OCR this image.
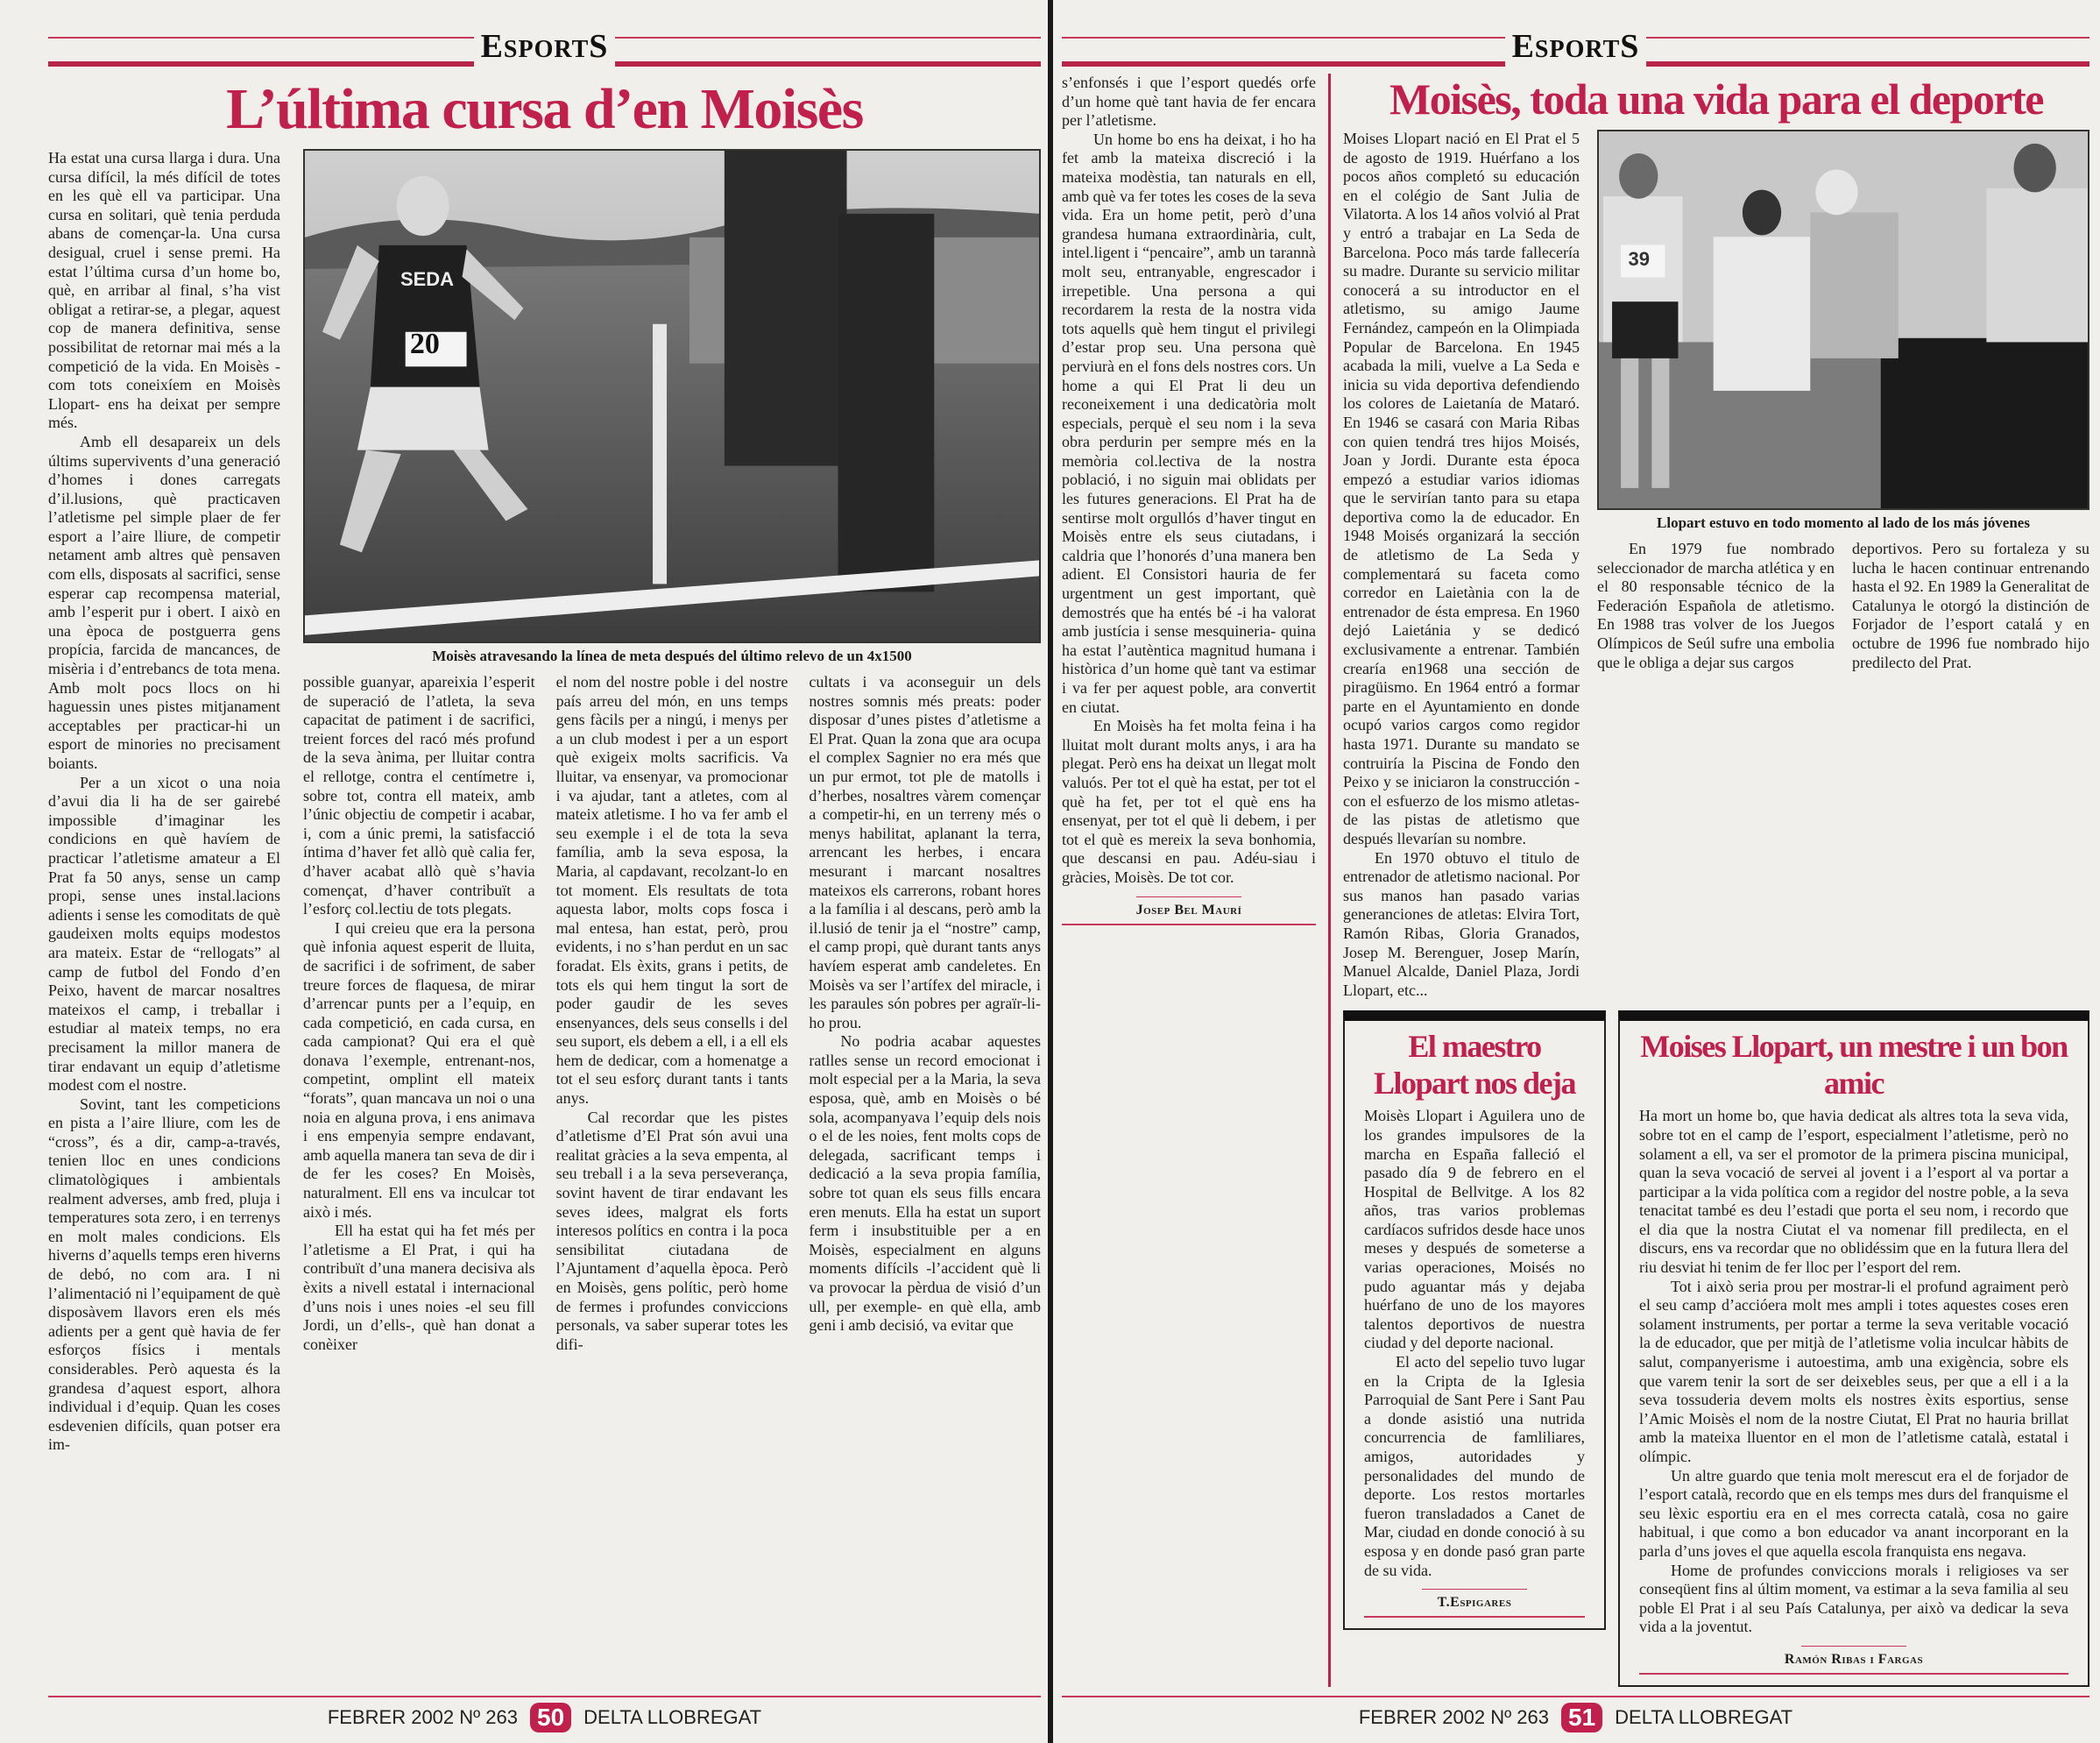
ESPORTS
L’última cursa d’en Moisès

Ha estat una cursa llarga i dura. Una cursa difícil, la més difícil de totes en les què ell va participar. Una cursa en solitari, què tenia perduda abans de començar-la. Una cursa desigual, cruel i sense premi. Ha estat l’última cursa d’un home bo, què, en arribar al final, s’ha vist obligat a retirar-se, a plegar, aquest cop de manera definitiva, sense possibilitat de retornar mai més a la competició de la vida. En Moisès -com tots coneixíem en Moisès Llopart- ens ha deixat per sempre més.

Amb ell desapareix un dels últims supervivents d’una generació d’homes i dones carregats d’il.lusions, què practicaven l’atletisme pel simple plaer de fer esport a l’aire lliure, de competir netament amb altres què pensaven com ells, disposats al sacrifici, sense esperar cap recompensa material, amb l’esperit pur i obert. I això en una època de postguerra gens propícia, farcida de mancances, de misèria i d’entrebancs de tota mena. Amb molt pocs llocs on hi haguessin unes pistes mitjanament acceptables per practicar-hi un esport de minories no precisament boiants.

Per a un xicot o una noia d’avui dia li ha de ser gairebé impossible d’imaginar les condicions en què havíem de practicar l’atletisme amateur a El Prat fa 50 anys, sense un camp propi, sense unes instal.lacions adients i sense les comoditats de què gaudeixen molts equips modestos ara mateix. Estar de “rellogats” al camp de futbol del Fondo d’en Peixo, havent de marcar nosaltres mateixos el camp, i treballar i estudiar al mateix temps, no era precisament la millor manera de tirar endavant un equip d’atletisme modest com el nostre.

Sovint, tant les competicions en pista a l’aire lliure, com les de “cross”, és a dir, camp-a-través, tenien lloc en unes condicions climatològiques i ambientals realment adverses, amb fred, pluja i temperatures sota zero, i en terrenys en molt males condicions. Els hiverns d’aquells temps eren hiverns de debó, no com ara. I ni l’alimentació ni l’equipament de què disposàvem llavors eren els més adients per a gent què havia de fer esforços físics i mentals considerables. Però aquesta és la grandesa d’aquest esport, alhora individual i d’equip. Quan les coses esdevenien difícils, quan potser era im-

SEDA
20
Moisès atravesando la línea de meta después del último relevo de un 4x1500

possible guanyar, apareixia l’esperit de superació de l’atleta, la seva capacitat de patiment i de sacrifici, treient forces del racó més profund de la seva ànima, per lluitar contra el rellotge, contra el centímetre i, sobre tot, contra ell mateix, amb l’únic objectiu de competir i acabar, i, com a únic premi, la satisfacció íntima d’haver fet allò què calia fer, d’haver acabat allò què s’havia començat, d’haver contribuït a l’esforç col.lectiu de tots plegats.

I qui creieu que era la persona què infonia aquest esperit de lluita, de sacrifici i de sofriment, de saber treure forces de flaquesa, de mirar d’arrencar punts per a l’equip, en cada competició, en cada cursa, en cada campionat? Qui era el què donava l’exemple, entrenant-nos, competint, omplint ell mateix “forats”, quan mancava un noi o una noia en alguna prova, i ens animava i ens empenyia sempre endavant, amb aquella manera tan seva de dir i de fer les coses? En Moisès, naturalment. Ell ens va inculcar tot això i més.

Ell ha estat qui ha fet més per l’atletisme a El Prat, i qui ha contribuït d’una manera decisiva als èxits a nivell estatal i internacional d’uns nois i unes noies -el seu fill Jordi, un d’ells-, què han donat a conèixer

el nom del nostre poble i del nostre país arreu del món, en uns temps gens fàcils per a ningú, i menys per a un club modest i per a un esport què exigeix molts sacrificis. Va lluitar, va ensenyar, va promocionar i va ajudar, tant a atletes, com al mateix atletisme. I ho va fer amb el seu exemple i el de tota la seva família, amb la seva esposa, la Maria, al capdavant, recolzant-lo en tot moment. Els resultats de tota aquesta labor, molts cops fosca i mal entesa, han estat, però, prou evidents, i no s’han perdut en un sac foradat. Els èxits, grans i petits, de tots els qui hem tingut la sort de poder gaudir de les seves ensenyances, dels seus consells i del seu suport, els debem a ell, i a ell els hem de dedicar, com a homenatge a tot el seu esforç durant tants i tants anys.

Cal recordar que les pistes d’atletisme d’El Prat són avui una realitat gràcies a la seva empenta, al seu treball i a la seva perseverança, sovint havent de tirar endavant les seves idees, malgrat els forts interesos polítics en contra i la poca sensibilitat ciutadana de l’Ajuntament d’aquella època. Però en Moisès, gens polític, però home de fermes i profundes conviccions personals, va saber superar totes les difi-

cultats i va aconseguir un dels nostres somnis més preats: poder disposar d’unes pistes d’atletisme a El Prat. Quan la zona que ara ocupa el complex Sagnier no era més que un pur ermot, tot ple de matolls i d’herbes, nosaltres vàrem començar a competir-hi, en un terreny més o menys habilitat, aplanant la terra, arrencant les herbes, i encara mesurant i marcant nosaltres mateixos els carrerons, robant hores a la família i al descans, però amb la il.lusió de tenir ja el “nostre” camp, el camp propi, què durant tants anys havíem esperat amb candeletes. En Moisès va ser l’artífex del miracle, i les paraules són pobres per agraïr-li-ho prou.

No podria acabar aquestes ratlles sense un record emocionat i molt especial per a la Maria, la seva esposa, què, amb en Moisès o bé sola, acompanyava l’equip dels nois o el de les noies, fent molts cops de delegada, sacrificant temps i dedicació a la seva propia família, sobre tot quan els seus fills encara eren menuts. Ella ha estat un suport ferm i insubstituible per a en Moisès, especialment en alguns moments difícils -l’accident què li va provocar la pèrdua de visió d’un ull, per exemple- en què ella, amb geni i amb decisió, va evitar que

FEBRER 2002 Nº 263 50	DELTA LLOBREGAT
ESPORTS

s’enfonsés i que l’esport quedés orfe d’un home què tant havia de fer encara per l’atletisme.

Un home bo ens ha deixat, i ho ha fet amb la mateixa discreció i la mateixa modèstia, tan naturals en ell, amb què va fer totes les coses de la seva vida. Era un home petit, però d’una grandesa humana extraordinària, cult, intel.ligent i “pencaire”, amb un tarannà molt seu, entranyable, engrescador i irrepetible. Una persona a qui recordarem la resta de la nostra vida tots aquells què hem tingut el privilegi d’estar prop seu. Una persona què perviurà en el fons dels nostres cors. Un home a qui El Prat li deu un reconeixement i una dedicatòria molt especials, perquè el seu nom i la seva obra perdurin per sempre més en la memòria col.lectiva de la nostra població, i no siguin mai oblidats per les futures generacions. El Prat ha de sentirse molt orgullós d’haver tingut en Moisès entre els seus ciutadans, i caldria que l’honorés d’una manera ben adient. El Consistori hauria de fer urgentment un gest important, què demostrés que ha entés bé -i ha valorat amb justícia i sense mesquineria- quina ha estat l’autèntica magnitud humana i històrica d’un home què tant va estimar i va fer per aquest poble, ara convertit en ciutat.

En Moisès ha fet molta feina i ha lluitat molt durant molts anys, i ara ha plegat. Però ens ha deixat un llegat molt valuós. Per tot el què ha estat, per tot el què ha fet, per tot el què ens ha ensenyat, per tot el què li debem, i per tot el què es mereix la seva bonhomia, que descansi en pau. Adéu-siau i gràcies, Moisès. De tot cor.

Josep Bel Maurí
Moisès, toda una vida para el deporte

Moises Llopart nació en El Prat el 5 de agosto de 1919. Huérfano a los pocos años completó su educación en el colégio de Sant Julia de Vilatorta. A los 14 años volvió al Prat y entró a trabajar en La Seda de Barcelona. Poco más tarde fallecería su madre. Durante su servicio militar conocerá a su introductor en el atletismo, su amigo Jaume Fernández, campeón en la Olimpiada Popular de Barcelona. En 1945 acabada la mili, vuelve a La Seda e inicia su vida deportiva defendiendo los colores de Laietanía de Mataró. En 1946 se casará con Maria Ribas con quien tendrá tres hijos Moisés, Joan y Jordi. Durante esta época empezó a estudiar varios idiomas que le servirían tanto para su etapa deportiva como la de educador. En 1948 Moisés organizará la sección de atletismo de La Seda y complementará su faceta como corredor en Laietània con la de entrenador de ésta empresa. En 1960 dejó Laietánia y se dedicó exclusivamente a entrenar. También crearía en1968 una sección de piragüismo. En 1964 entró a formar parte en el Ayuntamiento en donde ocupó varios cargos como regidor hasta 1971. Durante su mandato se contruiría la Piscina de Fondo den Peixo y se iniciaron la construcción -con el esfuerzo de los mismo atletas- de las pistas de atletismo que después llevarían su nombre.

En 1970 obtuvo el titulo de entrenador de atletismo nacional. Por sus manos han pasado varias generanciones de atletas: Elvira Tort, Ramón Ribas, Gloria Granados, Josep M. Berenguer, Josep Marín, Manuel Alcalde, Daniel Plaza, Jordi Llopart, etc...

39
Llopart estuvo en todo momento al lado de los más jóvenes

En 1979 fue nombrado seleccionador de marcha atlética y en el 80 responsable técnico de la Federación Española de atletismo. En 1988 tras volver de los Juegos Olímpicos de Seúl sufre una embolia que le obliga a dejar sus cargos

deportivos. Pero su fortaleza y su lucha le hacen continuar entrenando hasta el 92. En 1989 la Generalitat de Catalunya le otorgó la distinción de Forjador de l’esport catalá y en octubre de 1996 fue nombrado hijo predilecto del Prat.

El maestro Llopart nos deja

Moisès Llopart i Aguilera uno de los grandes impulsores de la marcha en España falleció el pasado día 9 de febrero en el Hospital de Bellvitge. A los 82 años, tras varios problemas cardíacos sufridos desde hace unos meses y después de someterse a varias operaciones, Moisés no pudo aguantar más y dejaba huérfano de uno de los mayores talentos deportivos de nuestra ciudad y del deporte nacional.

El acto del sepelio tuvo lugar en la Cripta de la Iglesia Parroquial de Sant Pere i Sant Pau a donde asistió una nutrida concurrencia de famliliares, amigos, autoridades y personalidades del mundo de deporte. Los restos mortarles fueron transladados a Canet de Mar, ciudad en donde conoció à su esposa y en donde pasó gran parte de su vida.

T.Espigares
Moises Llopart, un mestre i un bon amic

Ha mort un home bo, que havia dedicat als altres tota la seva vida, sobre tot en el camp de l’esport, especialment l’atletisme, però no solament a ell, va ser el promotor de la primera piscina municipal, quan la seva vocació de servei al jovent i a l’esport al va portar a participar a la vida política com a regidor del nostre poble, a la seva tenacitat també es deu l’estadi que porta el seu nom, i recordo que el dia que la nostra Ciutat el va nomenar fill predilecta, en el discurs, ens va recordar que no oblidéssim que en la futura llera del riu desviat hi tenim de fer lloc per l’esport del rem.

Tot i això seria prou per mostrar-li el profund agraiment però el seu camp d’accióera molt mes ampli i totes aquestes coses eren solament instruments, per portar a terme la seva veritable vocació la de educador, que per mitjà de l’atletisme volia inculcar hàbits de salut, companyerisme i autoestima, amb una exigència, sobre els que varem tenir la sort de ser deixebles seus, per que a ell i a la seva tossuderia devem molts els nostres èxits esportius, sense l’Amic Moisès el nom de la nostre Ciutat, El Prat no hauria brillat amb la mateixa lluentor en el mon de l’atletisme català, estatal i olímpic.

Un altre guardo que tenia molt merescut era el de forjador de l’esport català, recordo que en els temps mes durs del franquisme el seu lèxic esportiu era en el mes correcta català, cosa no gaire habitual, i que como a bon educador va anant incorporant en la parla d’uns joves el que aquella escola franquista ens negava.

Home de profundes conviccions morals i religioses va ser conseqüent fins al últim moment, va estimar a la seva familia al seu poble El Prat i al seu País Catalunya, per això va dedicar la seva vida a la joventut.

Ramón Ribas i Fargas
FEBRER 2002 Nº 263 51	DELTA LLOBREGAT
